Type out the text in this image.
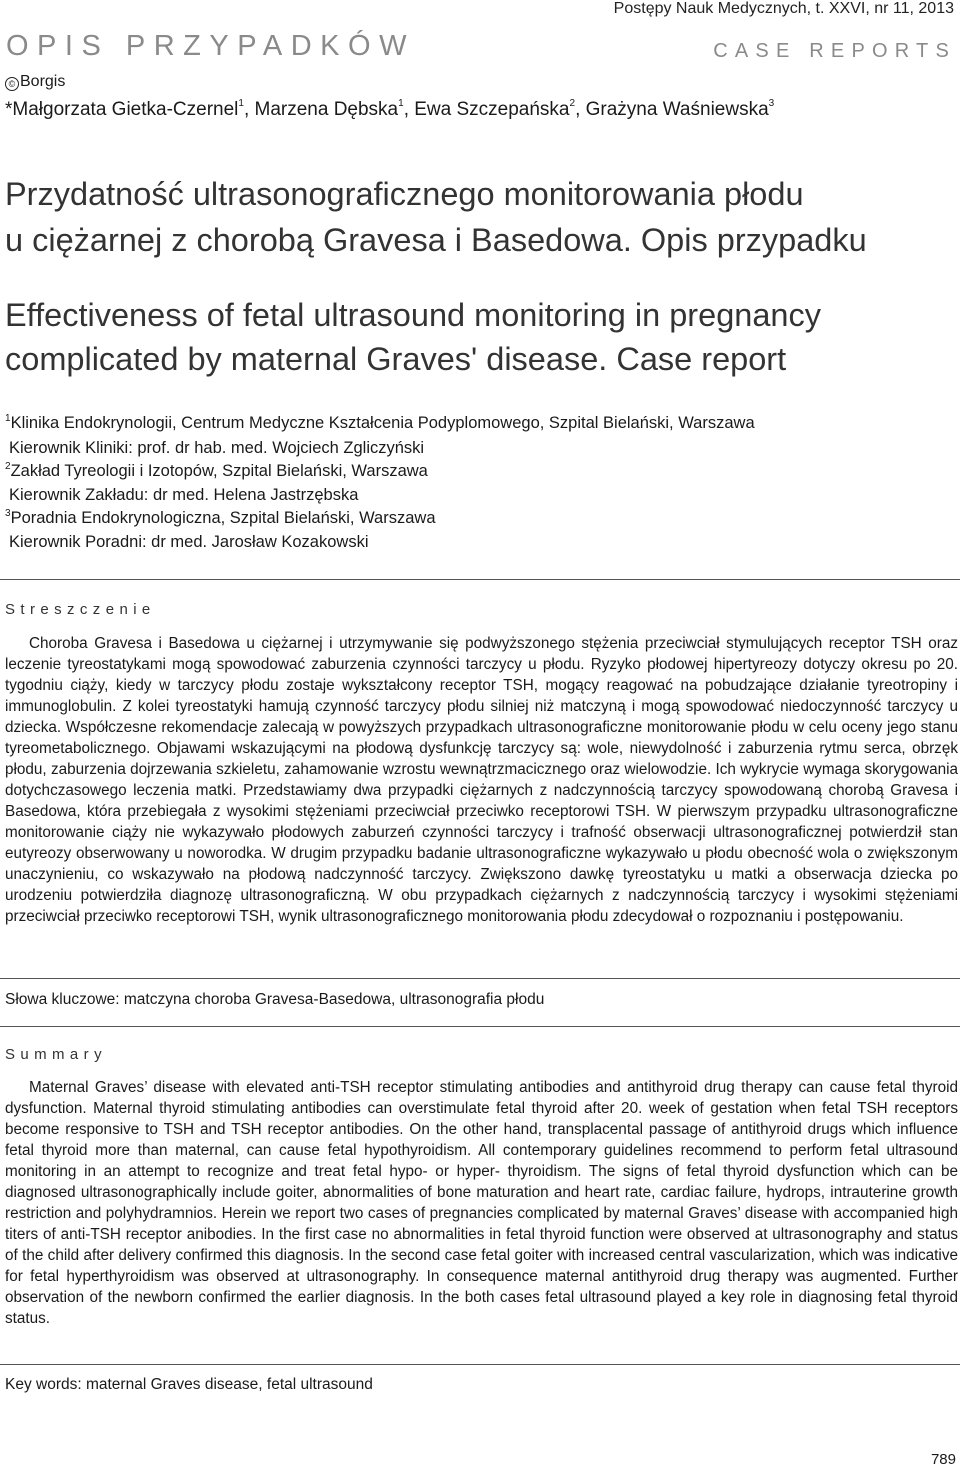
Postępy Nauk Medycznych, t. XXVI, nr 11, 2013
OPIS PRZYPADKÓW	CASE REPORTS
© Borgis
*Małgorzata Gietka-Czernel$^1$, Marzena Dębska$^1$, Ewa Szczepańska$^2$, Grażyna Waśniewska$^3$
Przydatność ultrasonograficznego monitorowania płodu
u ciężarnej z chorobą Gravesa i Basedowa. Opis przypadku
Effectiveness of fetal ultrasound monitoring in pregnancy
complicated by maternal Graves' disease. Case report
$^1$Klinika Endokrynologii, Centrum Medyczne Kształcenia Podyplomowego, Szpital Bielański, Warszawa
Kierownik Kliniki: prof. dr hab. med. Wojciech Zgliczyński
$^2$Zakład Tyreologii i Izotopów, Szpital Bielański, Warszawa
Kierownik Zakładu: dr med. Helena Jastrzębska
$^3$Poradnia Endokrynologiczna, Szpital Bielański, Warszawa
Kierownik Poradni: dr med. Jarosław Kozakowski
Streszczenie
Choroba Gravesa i Basedowa u ciężarnej i utrzymywanie się podwyższonego stężenia przeciwciał stymulujących receptor TSH oraz leczenie tyreostatykami mogą spowodować zaburzenia czynności tarczycy u płodu. Ryzyko płodowej hipertyreozy dotyczy okresu po 20. tygodniu ciąży, kiedy w tarczycy płodu zostaje wykształcony receptor TSH, mogący reagować na pobudzające działanie tyreotropiny i immunoglobulin. Z kolei tyreostatyki hamują czynność tarczycy płodu silniej niż matczyną i mogą spowodować niedoczynność tarczycy u dziecka. Współczesne rekomendacje zalecają w powyższych przypadkach ultrasonograficzne monitorowanie płodu w celu oceny jego stanu tyreometabolicznego. Objawami wskazującymi na płodową dysfunkcję tarczycy są: wole, niewydolność i zaburzenia rytmu serca, obrzęk płodu, zaburzenia dojrzewania szkieletu, zahamowanie wzrostu wewnątrzmacicznego oraz wielowodzie. Ich wykrycie wymaga skorygowania dotychczasowego leczenia matki. Przedstawiamy dwa przypadki ciężarnych z nadczynnością tarczycy spowodowaną chorobą Gravesa i Basedowa, która przebiegała z wysokimi stężeniami przeciwciał przeciwko receptorowi TSH. W pierwszym przypadku ultrasonograficzne monitorowanie ciąży nie wykazywało płodowych zaburzeń czynności tarczycy i trafność obserwacji ultrasonograficznej potwierdził stan eutyreozy obserwowany u noworodka. W drugim przypadku badanie ultrasonograficzne wykazywało u płodu obecność wola o zwiększonym unaczynieniu, co wskazywało na płodową nadczynność tarczycy. Zwiększono dawkę tyreostatyku u matki a obserwacja dziecka po urodzeniu potwierdziła diagnozę ultrasonograficzną. W obu przypadkach ciężarnych z nadczynnością tarczycy i wysokimi stężeniami przeciwciał przeciwko receptorowi TSH, wynik ultrasonograficznego monitorowania płodu zdecydował o rozpoznaniu i postępowaniu.
Słowa kluczowe: matczyna choroba Gravesa-Basedowa, ultrasonografia płodu
Summary
Maternal Graves’ disease with elevated anti-TSH receptor stimulating antibodies and antithyroid drug therapy can cause fetal thyroid dysfunction. Maternal thyroid stimulating antibodies can overstimulate fetal thyroid after 20. week of gestation when fetal TSH receptors become responsive to TSH and TSH receptor antibodies. On the other hand, transplacental passage of antithyroid drugs which influence fetal thyroid more than maternal, can cause fetal hypothyroidism. All contemporary guidelines recommend to perform fetal ultrasound monitoring in an attempt to recognize and treat fetal hypo- or hyper- thyroidism. The signs of fetal thyroid dysfunction which can be diagnosed ultrasonographically include goiter, abnormalities of bone maturation and heart rate, cardiac failure, hydrops, intrauterine growth restriction and polyhydramnios. Herein we report two cases of pregnancies complicated by maternal Graves’ disease with accompanied high titers of anti-TSH receptor anibodies. In the first case no abnormalities in fetal thyroid function were observed at ultrasonography and status of the child after delivery confirmed this diagnosis. In the second case fetal goiter with increased central vascularization, which was indicative for fetal hyperthyroidism was observed at ultrasonography. In consequence maternal antithyroid drug therapy was augmented. Further observation of the newborn confirmed the earlier diagnosis. In the both cases fetal ultrasound played a key role in diagnosing fetal thyroid status.
Key words: maternal Graves disease, fetal ultrasound
789
